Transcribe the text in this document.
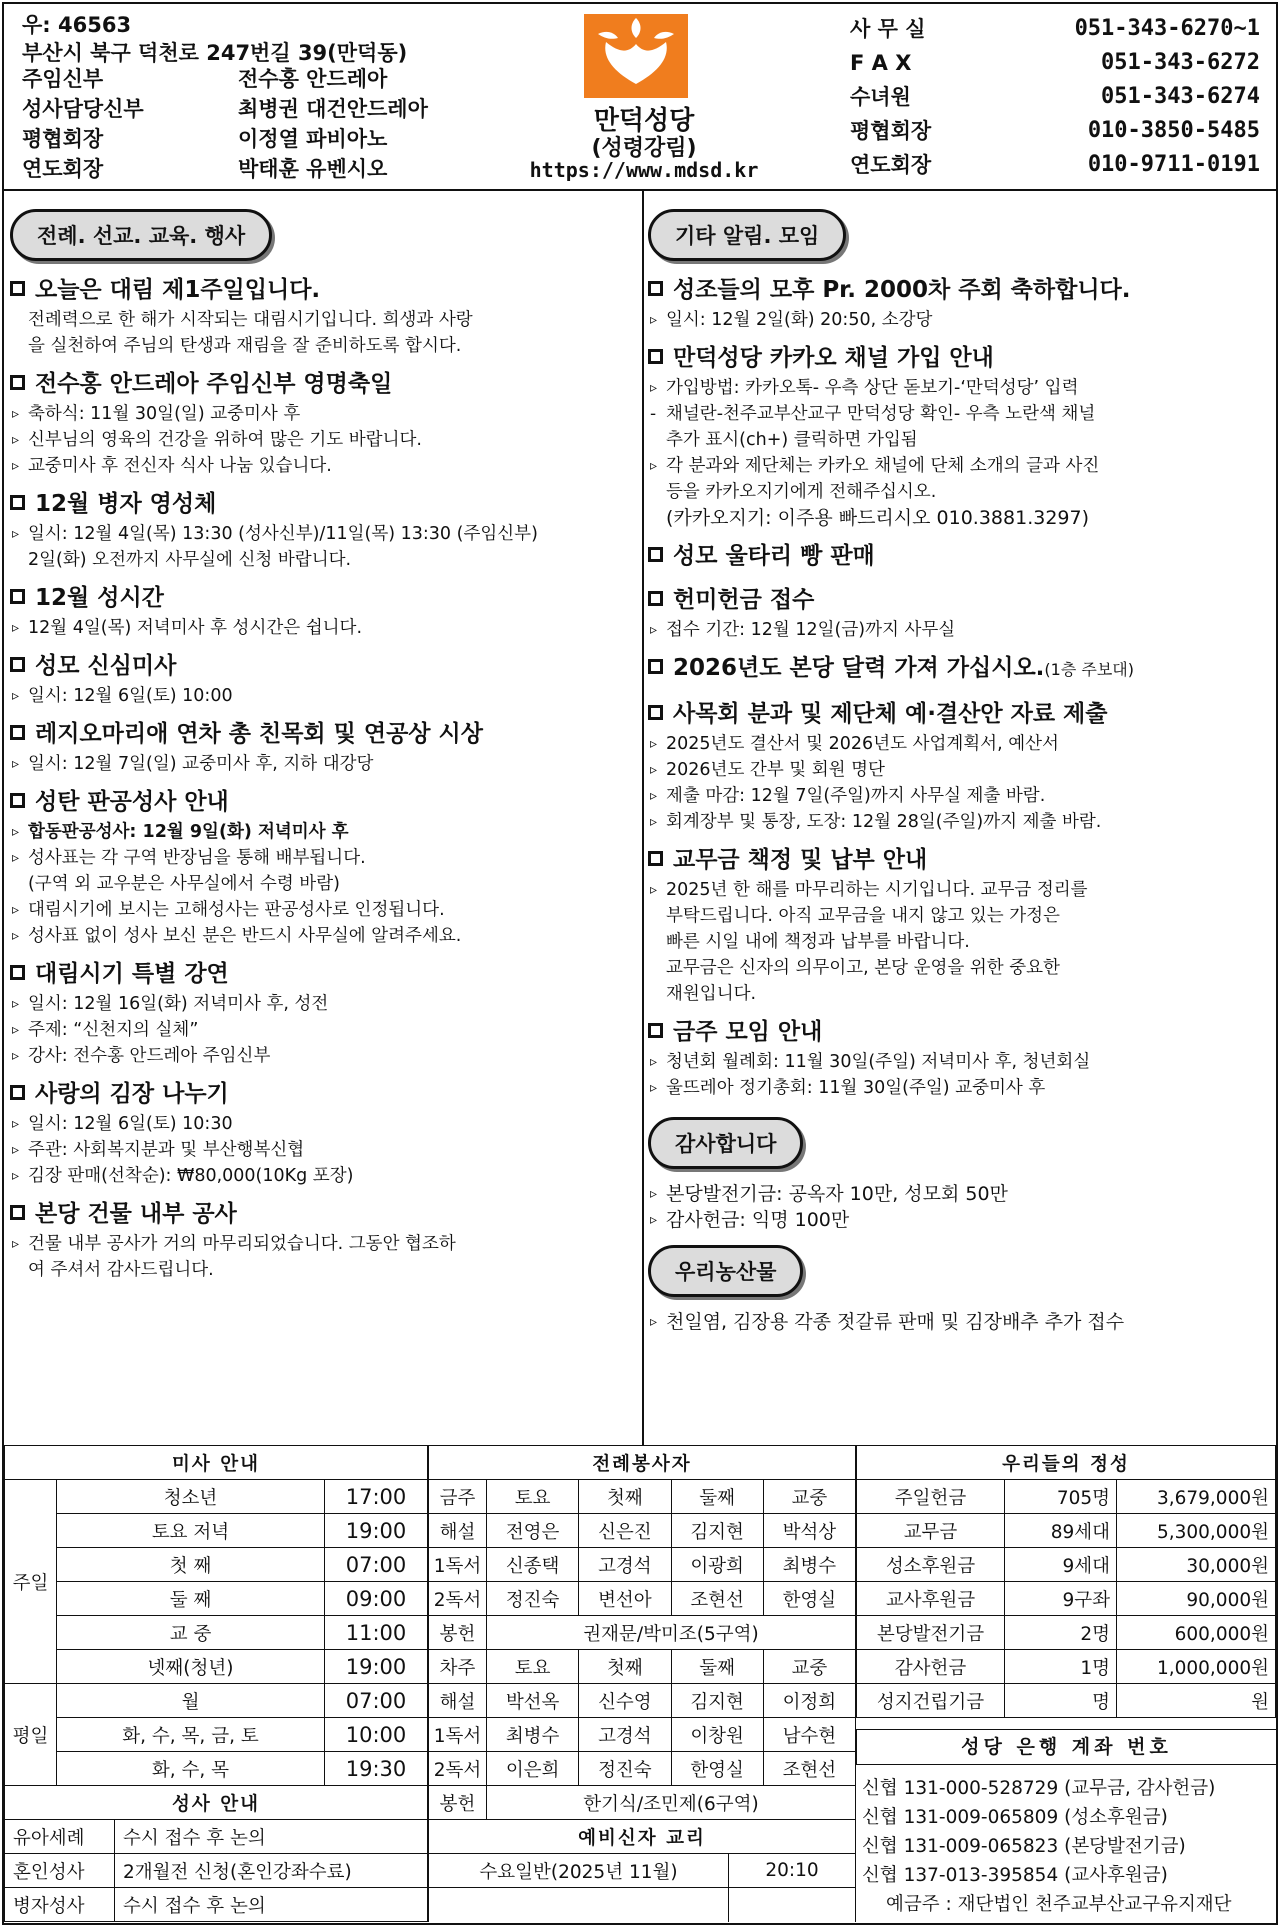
우: 46563
부산시 북구 덕천로 247번길 39(만덕동)
주임신부	전수홍 안드레아
성사담당신부	최병권 대건안드레아
평협회장	이정열 파비아노
연도회장	박태훈 유벤시오
만덕성당
(성령강림)
https://www.mdsd.kr
사 무 실	051-343-6270~1
F A X	051-343-6272
수녀원	051-343-6274
평협회장	010-3850-5485
연도회장	010-9711-0191
전례. 선교. 교육. 행사
오늘은 대림 제1주일입니다.
전례력으로 한 해가 시작되는 대림시기입니다. 희생과 사랑
을 실천하여 주님의 탄생과 재림을 잘 준비하도록 합시다.
전수홍 안드레아 주임신부 영명축일
▹ 축하식: 11월 30일(일) 교중미사 후
▹ 신부님의 영육의 건강을 위하여 많은 기도 바랍니다.
▹ 교중미사 후 전신자 식사 나눔 있습니다.
12월 병자 영성체
▹ 일시: 12월 4일(목) 13:30 (성사신부)/11일(목) 13:30 (주임신부)
2일(화) 오전까지 사무실에 신청 바랍니다.
12월 성시간
▹ 12월 4일(목) 저녁미사 후 성시간은 쉽니다.
성모 신심미사
▹ 일시: 12월 6일(토) 10:00
레지오마리애 연차 총 친목회 및 연공상 시상
▹ 일시: 12월 7일(일) 교중미사 후, 지하 대강당
성탄 판공성사 안내
▹ 합동판공성사: 12월 9일(화) 저녁미사 후
▹ 성사표는 각 구역 반장님을 통해 배부됩니다.
(구역 외 교우분은 사무실에서 수령 바람)
▹ 대림시기에 보시는 고해성사는 판공성사로 인정됩니다.
▹ 성사표 없이 성사 보신 분은 반드시 사무실에 알려주세요.
대림시기 특별 강연
▹ 일시: 12월 16일(화) 저녁미사 후, 성전
▹ 주제: “신천지의 실체”
▹ 강사: 전수홍 안드레아 주임신부
사랑의 김장 나누기
▹ 일시: 12월 6일(토) 10:30
▹ 주관: 사회복지분과 및 부산행복신협
▹ 김장 판매(선착순): ₩80,000(10Kg 포장)
본당 건물 내부 공사
▹ 건물 내부 공사가 거의 마무리되었습니다. 그동안 협조하
여 주셔서 감사드립니다.
기타 알림. 모임
성조들의 모후 Pr. 2000차 주회 축하합니다.
▹ 일시: 12월 2일(화) 20:50, 소강당
만덕성당 카카오 채널 가입 안내
▹ 가입방법: 카카오톡- 우측 상단 돋보기-‘만덕성당’ 입력
- 채널란-천주교부산교구 만덕성당 확인- 우측 노란색 채널
추가 표시(ch+) 클릭하면 가입됨
▹ 각 분과와 제단체는 카카오 채널에 단체 소개의 글과 사진
등을 카카오지기에게 전해주십시오.
(카카오지기: 이주용 빠드리시오 010.3881.3297)
성모 울타리 빵 판매
헌미헌금 접수
▹ 접수 기간: 12월 12일(금)까지 사무실
2026년도 본당 달력 가져 가십시오.(1층 주보대)
사목회 분과 및 제단체 예·결산안 자료 제출
▹ 2025년도 결산서 및 2026년도 사업계획서, 예산서
▹ 2026년도 간부 및 회원 명단
▹ 제출 마감: 12월 7일(주일)까지 사무실 제출 바람.
▹ 회계장부 및 통장, 도장: 12월 28일(주일)까지 제출 바람.
교무금 책정 및 납부 안내
▹ 2025년 한 해를 마무리하는 시기입니다. 교무금 정리를
부탁드립니다. 아직 교무금을 내지 않고 있는 가정은
빠른 시일 내에 책정과 납부를 바랍니다.
교무금은 신자의 의무이고, 본당 운영을 위한 중요한
재원입니다.
금주 모임 안내
▹ 청년회 월례회: 11월 30일(주일) 저녁미사 후, 청년회실
▹ 울뜨레아 정기총회: 11월 30일(주일) 교중미사 후
감사합니다
▹ 본당발전기금: 공옥자 10만, 성모회 50만
▹ 감사헌금: 익명 100만
우리농산물
▹ 천일염, 김장용 각종 젓갈류 판매 및 김장배추 추가 접수
미사 안내		
주일	청소년	17:00
	토요 저녁	19:00
	첫 째	07:00
	둘 째	09:00
	교 중	11:00
	넷째(청년)	19:00
평일	월	07:00
	화, 수, 목, 금, 토	10:00
	화, 수, 목	19:30
성사 안내	
유아세례	수시 접수 후 논의
혼인성사	2개월전 신청(혼인강좌수료)
병자성사	수시 접수 후 논의
전례봉사자				
금주	토요	첫째	둘째	교중
해설	전영은	신은진	김지현	박석상
1독서	신종택	고경석	이광희	최병수
2독서	정진숙	변선아	조현선	한영실
봉헌	권재문/박미조(5구역)			
차주	토요	첫째	둘째	교중
해설	박선옥	신수영	김지현	이정희
1독서	최병수	고경석	이창원	남수현
2독서	이은희	정진숙	한영실	조현선
봉헌	한기식/조민제(6구역)			
예비신자 교리	
수요일반(2025년 11월)	20:10

우리들의 정성		
주일헌금	705명	3,679,000원
교무금	89세대	5,300,000원
성소후원금	9세대	30,000원
교사후원금	9구좌	90,000원
본당발전기금	2명	600,000원
감사헌금	1명	1,000,000원
성지건립기금	명	원
성당 은행 계좌 번호
신협 131-000-528729 (교무금, 감사헌금)
신협 131-009-065809 (성소후원금)
신협 131-009-065823 (본당발전기금)
신협 137-013-395854 (교사후원금)
예금주 : 재단법인 천주교부산교구유지재단
